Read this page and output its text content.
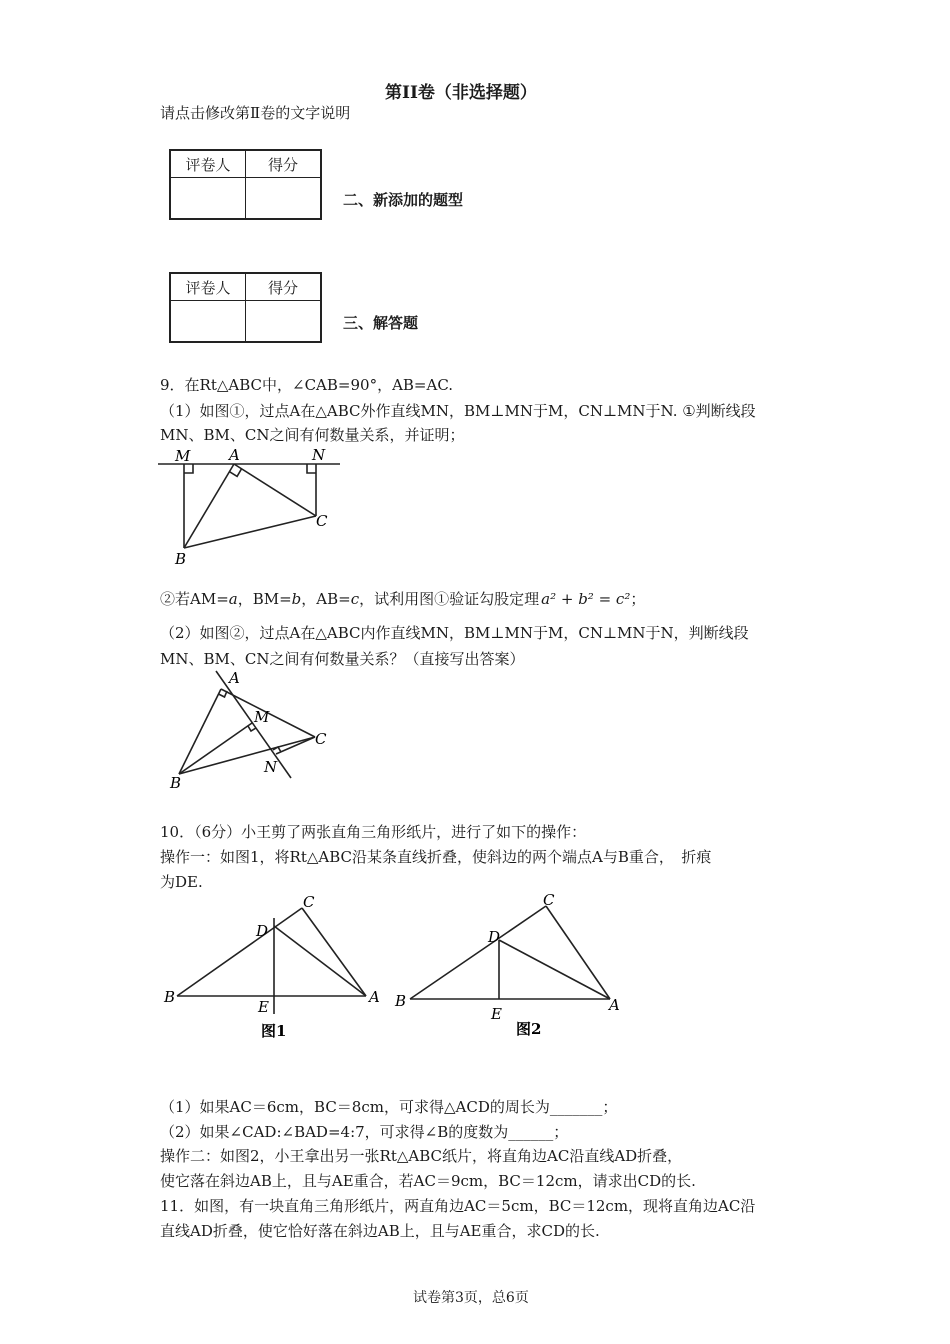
第II卷（非选择题）
请点击修改第Ⅱ卷的文字说明
评卷人	得分

二、新添加的题型
评卷人	得分

三、解答题
9．在Rt△ABC中，∠CAB=90°，AB=AC.
（1）如图①，过点A在△ABC外作直线MN，BM⊥MN于M，CN⊥MN于N. ①判断线段
MN、BM、CN之间有何数量关系，并证明；
M	A	N
C
B
②若AM=a，BM=b，AB=c，试利用图①验证勾股定理 a² + b² = c²；
（2）如图②，过点A在△ABC内作直线MN，BM⊥MN于M，CN⊥MN于N，判断线段
MN、BM、CN之间有何数量关系？（直接写出答案）
A
M
C
N
B
10．（6分）小王剪了两张直角三角形纸片，进行了如下的操作：
操作一：如图1，将Rt△ABC沿某条直线折叠，使斜边的两个端点A与B重合，　折痕
为DE.
C
D
B
E
A
图1
C
D
B
E	A
图2
（1）如果AC＝6cm，BC＝8cm，可求得△ACD的周长为_______；
（2）如果∠CAD:∠BAD=4:7，可求得∠B的度数为______；
操作二：如图2，小王拿出另一张Rt△ABC纸片，将直角边AC沿直线AD折叠，
使它落在斜边AB上，且与AE重合，若AC＝9cm，BC＝12cm，请求出CD的长.
11．如图，有一块直角三角形纸片，两直角边AC＝5cm，BC＝12cm，现将直角边AC沿
直线AD折叠，使它恰好落在斜边AB上，且与AE重合，求CD的长.
试卷第3页，总6页
